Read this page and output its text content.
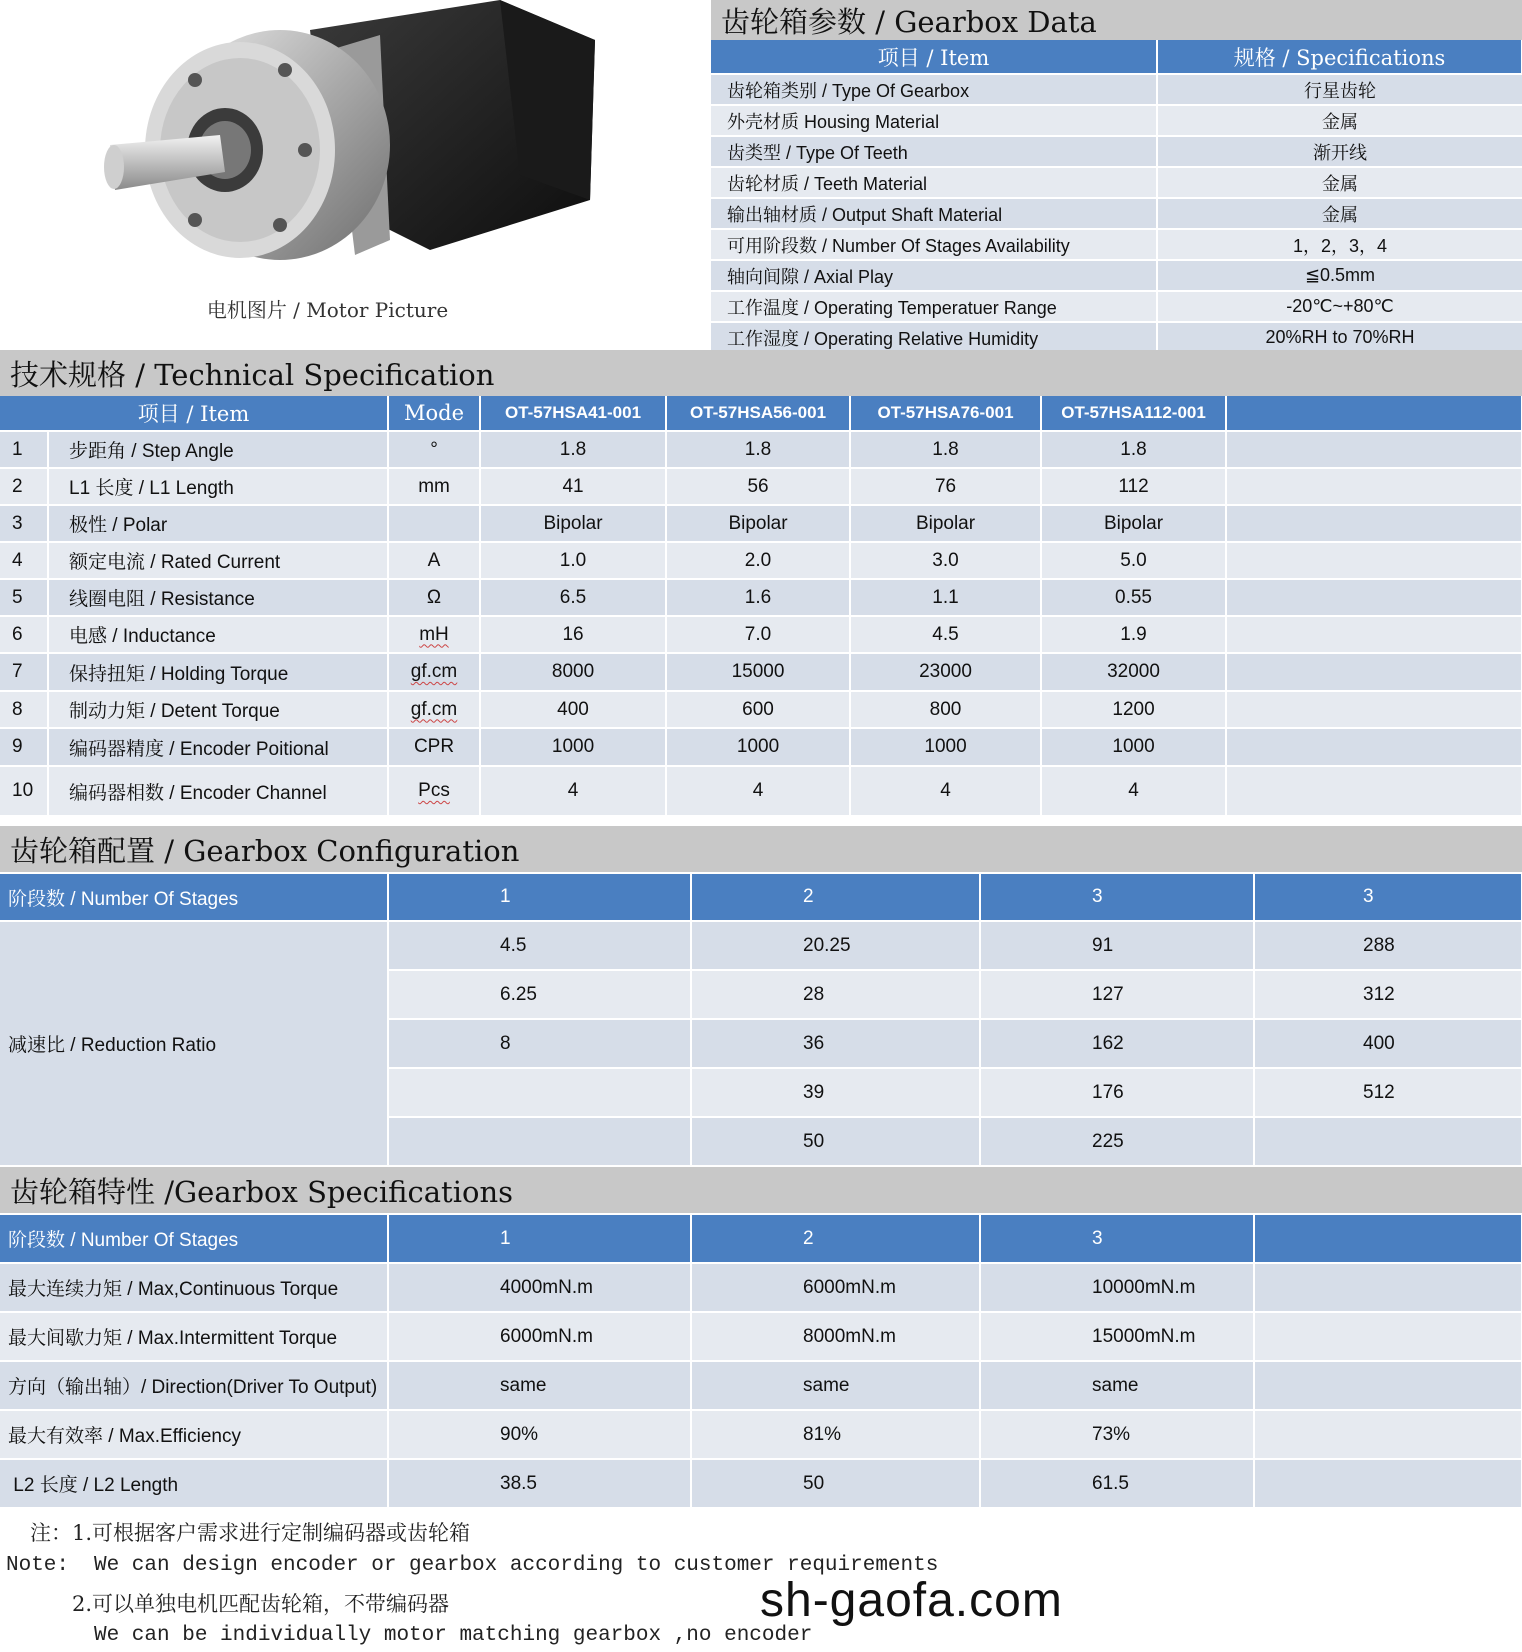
电机图片 / Motor Picture
齿轮箱参数 / Gearbox Data
项目 / Item	规格 / Specifications
齿轮箱类别 / Type Of Gearbox	行星齿轮
外壳材质 Housing Material	金属
齿类型 / Type Of Teeth	渐开线
齿轮材质 / Teeth Material	金属
输出轴材质 / Output Shaft Material	金属
可用阶段数 / Number Of Stages Availability	1，2，3，4
轴向间隙 / Axial Play	≦0.5mm
工作温度 / Operating Temperatuer Range	-20℃~+80℃
工作湿度 / Operating Relative Humidity	20%RH to 70%RH
技术规格 / Technical Specification
项目 / Item		Mode	OT-57HSA41-001	OT-57HSA56-001	OT-57HSA76-001	OT-57HSA112-001	
1	步距角 / Step Angle	°	1.8	1.8	1.8	1.8	
2	L1 长度 / L1 Length	mm	41	56	76	112	
3	极性 / Polar		Bipolar	Bipolar	Bipolar	Bipolar	
4	额定电流 / Rated Current	A	1.0	2.0	3.0	5.0	
5	线圈电阻 / Resistance	Ω	6.5	1.6	1.1	0.55	
6	电感 / Inductance	mH	16	7.0	4.5	1.9	
7	保持扭矩 / Holding Torque	gf.cm	8000	15000	23000	32000	
8	制动力矩 / Detent Torque	gf.cm	400	600	800	1200	
9	编码器精度 / Encoder Poitional	CPR	1000	1000	1000	1000	
10	编码器相数 / Encoder Channel	Pcs	4	4	4	4	
齿轮箱配置 / Gearbox Configuration
阶段数 / Number Of Stages	1	2	3	3
减速比 / Reduction Ratio	4.5	20.25	91	288
	6.25	28	127	312
	8	36	162	400
		39	176	512
		50	225	
齿轮箱特性 /Gearbox Specifications
阶段数 / Number Of Stages	1	2	3	
最大连续力矩 / Max,Continuous Torque	4000mN.m	6000mN.m	10000mN.m	
最大间歇力矩 / Max.Intermittent Torque	6000mN.m	8000mN.m	15000mN.m	
方向（输出轴）/ Direction(Driver To Output)	same	same	same	
最大有效率 / Max.Efficiency	90%	81%	73%	
L2 长度 / L2 Length	38.5	50	61.5	
注：1.可根据客户需求进行定制编码器或齿轮箱
Note: We can design encoder or gearbox according to customer requirements
2.可以单独电机匹配齿轮箱，不带编码器
We can be individually motor matching gearbox ,no encoder
sh-gaofa.com
